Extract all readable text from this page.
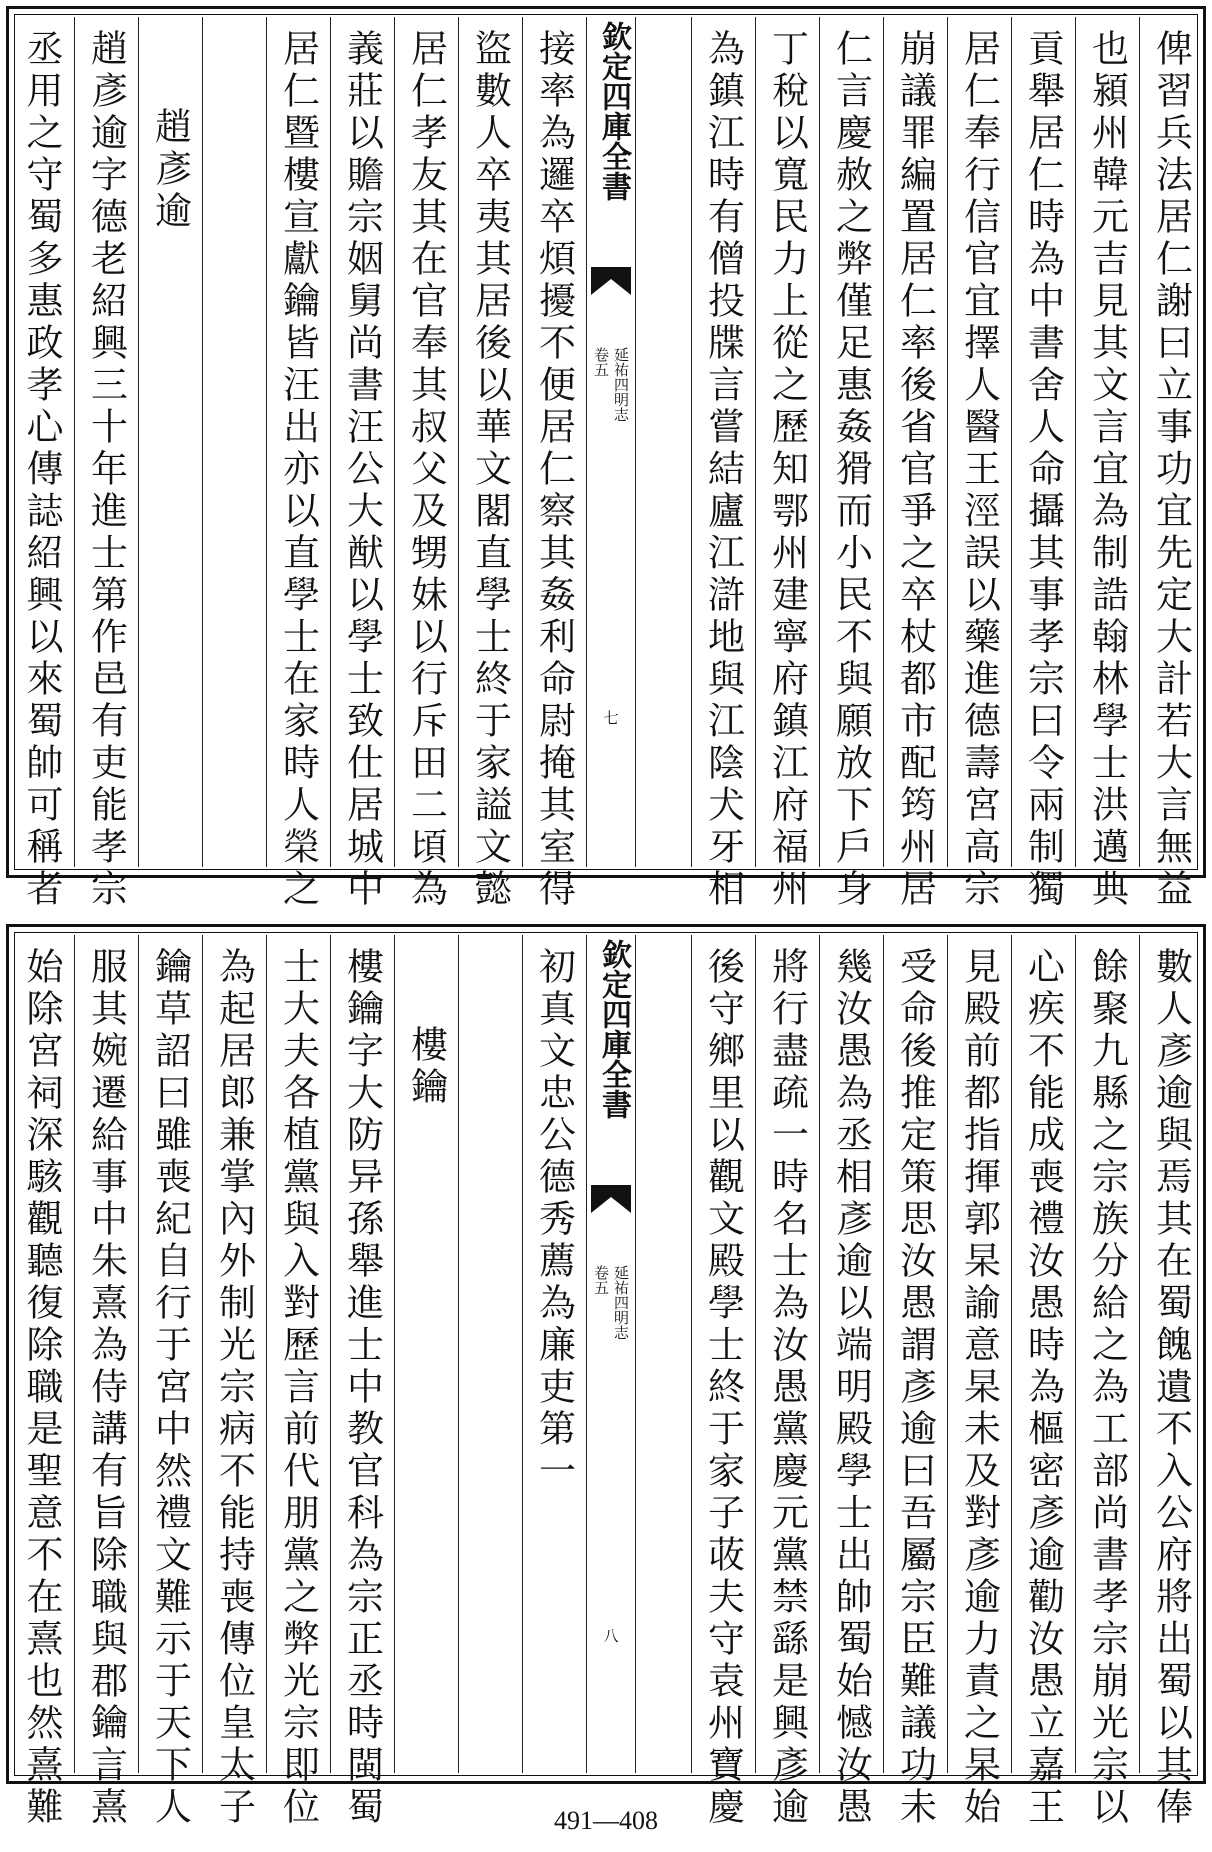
俾習兵法居仁謝曰立事功宜先定大計若大言無益
也潁州韓元吉見其文言宜為制誥翰林學士洪邁典
貢舉居仁時為中書舍人命攝其事孝宗曰令兩制獨
居仁奉行信官宜擇人醫王涇誤以藥進德壽宮高宗
崩議罪編置居仁率後省官爭之卒杖都市配筠州居
仁言慶赦之弊僅足惠姦猾而小民不與願放下戶身
丁稅以寬民力上從之歷知鄂州建寧府鎮江府福州
為鎮江時有僧投牒言嘗結廬江滸地與江陰犬牙相
欽定四庫全書
卷五 延祐四明志
七
接率為邏卒煩擾不便居仁察其姦利命尉掩其室得
盜數人卒夷其居後以華文閣直學士終于家謚文懿
居仁孝友其在官奉其叔父及甥妹以行斥田二頃為
義莊以贍宗姻舅尚書汪公大猷以學士致仕居城中
居仁暨樓宣獻鑰皆汪出亦以直學士在家時人榮之
趙彥逾
趙彥逾字德老紹興三十年進士第作邑有吏能孝宗
丞用之守蜀多惠政孝心傳誌紹興以來蜀帥可稱者
數人彥逾與焉其在蜀餽遺不入公府將出蜀以其俸
餘聚九縣之宗族分給之為工部尚書孝宗崩光宗以
心疾不能成喪禮汝愚時為樞密彥逾勸汝愚立嘉王
見殿前都指揮郭杲諭意杲未及對彥逾力責之杲始
受命後推定策思汝愚謂彥逾曰吾屬宗臣難議功未
幾汝愚為丞相彥逾以端明殿學士出帥蜀始憾汝愚
將行盡疏一時名士為汝愚黨慶元黨禁繇是興彥逾
後守鄉里以觀文殿學士終于家子荍夫守袁州寶慶
欽定四庫全書
卷五 延祐四明志
八
初真文忠公德秀薦為廉吏第一
樓鑰
樓鑰字大防异孫舉進士中教官科為宗正丞時閩蜀
士大夫各植黨與入對歷言前代朋黨之弊光宗即位
為起居郎兼掌內外制光宗病不能持喪傳位皇太子
鑰草詔曰雖喪紀自行于宮中然禮文難示于天下人
服其婉遷給事中朱熹為侍講有旨除職與郡鑰言熹
始除宮祠深駭觀聽復除職是聖意不在熹也然熹難	491—408
